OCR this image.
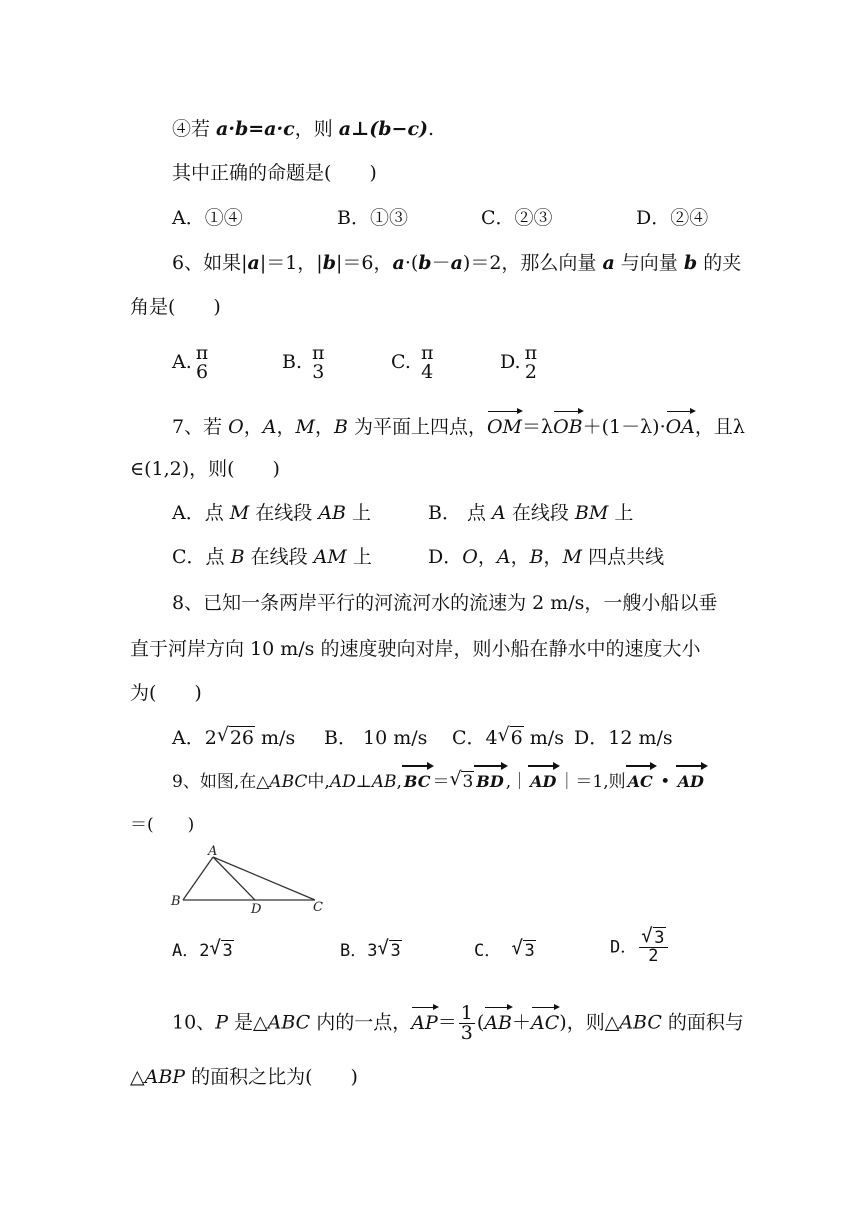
④若 a·b=a·c，则 a⊥(b−c).
其中正确的命题是(　　)
A．①④	B．①③	C．②③	D．②④
6、如果|a|＝1，|b|＝6，a·(b－a)＝2，那么向量 a 与向量 b 的夹
角是(　　)
A. π
6	B. π
3	C. π
4	D. π
2
7、若 O，A，M，B 为平面上四点，OM＝λOB＋(1－λ)·OA，且λ
∈(1,2)，则(　　)
A．点 M 在线段 AB 上	B． 点 A 在线段 BM 上
C．点 B 在线段 AM 上	D．O，A，B，M 四点共线
8、已知一条两岸平行的河流河水的流速为 2 m/s，一艘小船以垂
直于河岸方向 10 m/s 的速度驶向对岸，则小船在静水中的速度大小
为(　　)
A．2 √ 26 m/s B． 10 m/s C．4 √ 6 m/s D．12 m/s
9、如图,在△ABC中,AD⊥AB, BC ＝ √ 3 BD ,｜ AD ｜＝1,则 AC • AD
＝(　　)
A
B
D	C
A．2 √ 3	B．3 √ 3	C． √ 3	D． √ $\frac{3}{2}$
10、P 是△ABC 内的一点，$AP= \frac{1}{3} (AB+AC)$，则△ABC 的面积与
△ABP 的面积之比为(　　)
